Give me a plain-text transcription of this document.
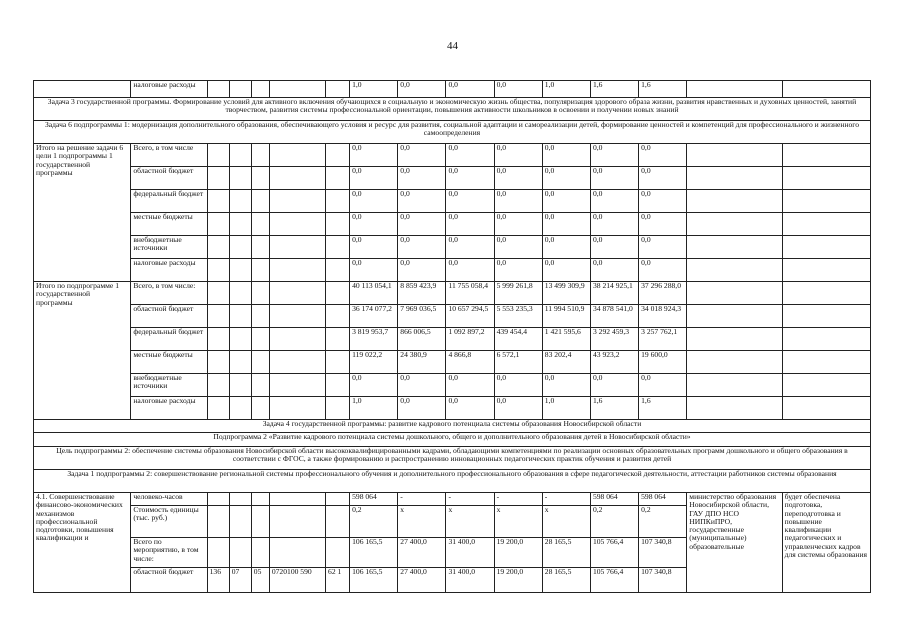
44
	налоговые расходы						1,0	0,0	0,0	0,0	1,0	1,6	1,6		
Задача 3 государственной программы. Формирование условий для активного включения обучающихся в социальную и экономическую жизнь общества, популяризация здорового образа жизни, развития нравственных и духовных ценностей, занятий творчеством, развития системы профессиональной ориентации, повышения активности школьников в освоении и получении новых знаний															
Задача 6 подпрограммы 1: модернизация дополнительного образования, обеспечивающего условия и ресурс для развития, социальной адаптации и самореализации детей, формирование ценностей и компетенций для профессионального и жизненного самоопределения															
Итого на решение задачи 6 цели 1 подпрограммы 1 государственной программы	Всего, в том числе						0,0	0,0	0,0	0,0	0,0	0,0	0,0		
	областной бюджет						0,0	0,0	0,0	0,0	0,0	0,0	0,0		
	федеральный бюджет						0,0	0,0	0,0	0,0	0,0	0,0	0,0		
	местные бюджеты						0,0	0,0	0,0	0,0	0,0	0,0	0,0		
	внебюджетные источники						0,0	0,0	0,0	0,0	0,0	0,0	0,0		
	налоговые расходы						0,0	0,0	0,0	0,0	0,0	0,0	0,0		
Итого по подпрограмме 1 государственной программы	Всего, в том числе:						40 113 054,1	8 859 423,9	11 755 058,4	5 999 261,8	13 499 309,9	38 214 925,1	37 296 288,0		
	областной бюджет						36 174 077,2	7 969 036,5	10 657 294,5	5 553 235,3	11 994 510,9	34 878 541,0	34 018 924,3		
	федеральный бюджет						3 819 953,7	866 006,5	1 092 897,2	439 454,4	1 421 595,6	3 292 459,3	3 257 762,1		
	местные бюджеты						119 022,2	24 380,9	4 866,8	6 572,1	83 202,4	43 923,2	19 600,0		
	внебюджетные источники						0,0	0,0	0,0	0,0	0,0	0,0	0,0		
	налоговые расходы						1,0	0,0	0,0	0,0	1,0	1,6	1,6		
Задача 4 государственной программы: развитие кадрового потенциала системы образования Новосибирской области															
Подпрограмма 2 «Развитие кадрового потенциала системы дошкольного, общего и дополнительного образования детей в Новосибирской области»															
Цель подпрограммы 2: обеспечение системы образования Новосибирской области высококвалифицированными кадрами, обладающими компетенциями по реализации основных образовательных программ дошкольного и общего образования в соответствии с ФГОС, а также формированию и распространению инновационных педагогических практик обучения и развития детей															
Задача 1 подпрограммы 2: совершенствование региональной системы профессионального обучения и дополнительного профессионального образования в сфере педагогической деятельности, аттестации работников системы образования															
4.1. Совершенствование финансово-экономических механизмов профессиональной подготовки, повышения квалификации и	человеко-часов						598 064	-	-	-	-	598 064	598 064	министерство образования Новосибирской области, ГАУ ДПО НСО НИПКиПРО, государственные (муниципальные) образовательные	будет обеспечена подготовка, переподготовка и повышение квалификации педагогических и управленческих кадров для системы образования
	Стоимость единицы (тыс. руб.)						0,2	х	х	х	х	0,2	0,2		
	Всего по мероприятию, в том числе:						106 165,5	27 400,0	31 400,0	19 200,0	28 165,5	105 766,4	107 340,8		
	областной бюджет	136	07	05	0720100 590	62 1	106 165,5	27 400,0	31 400,0	19 200,0	28 165,5	105 766,4	107 340,8		
